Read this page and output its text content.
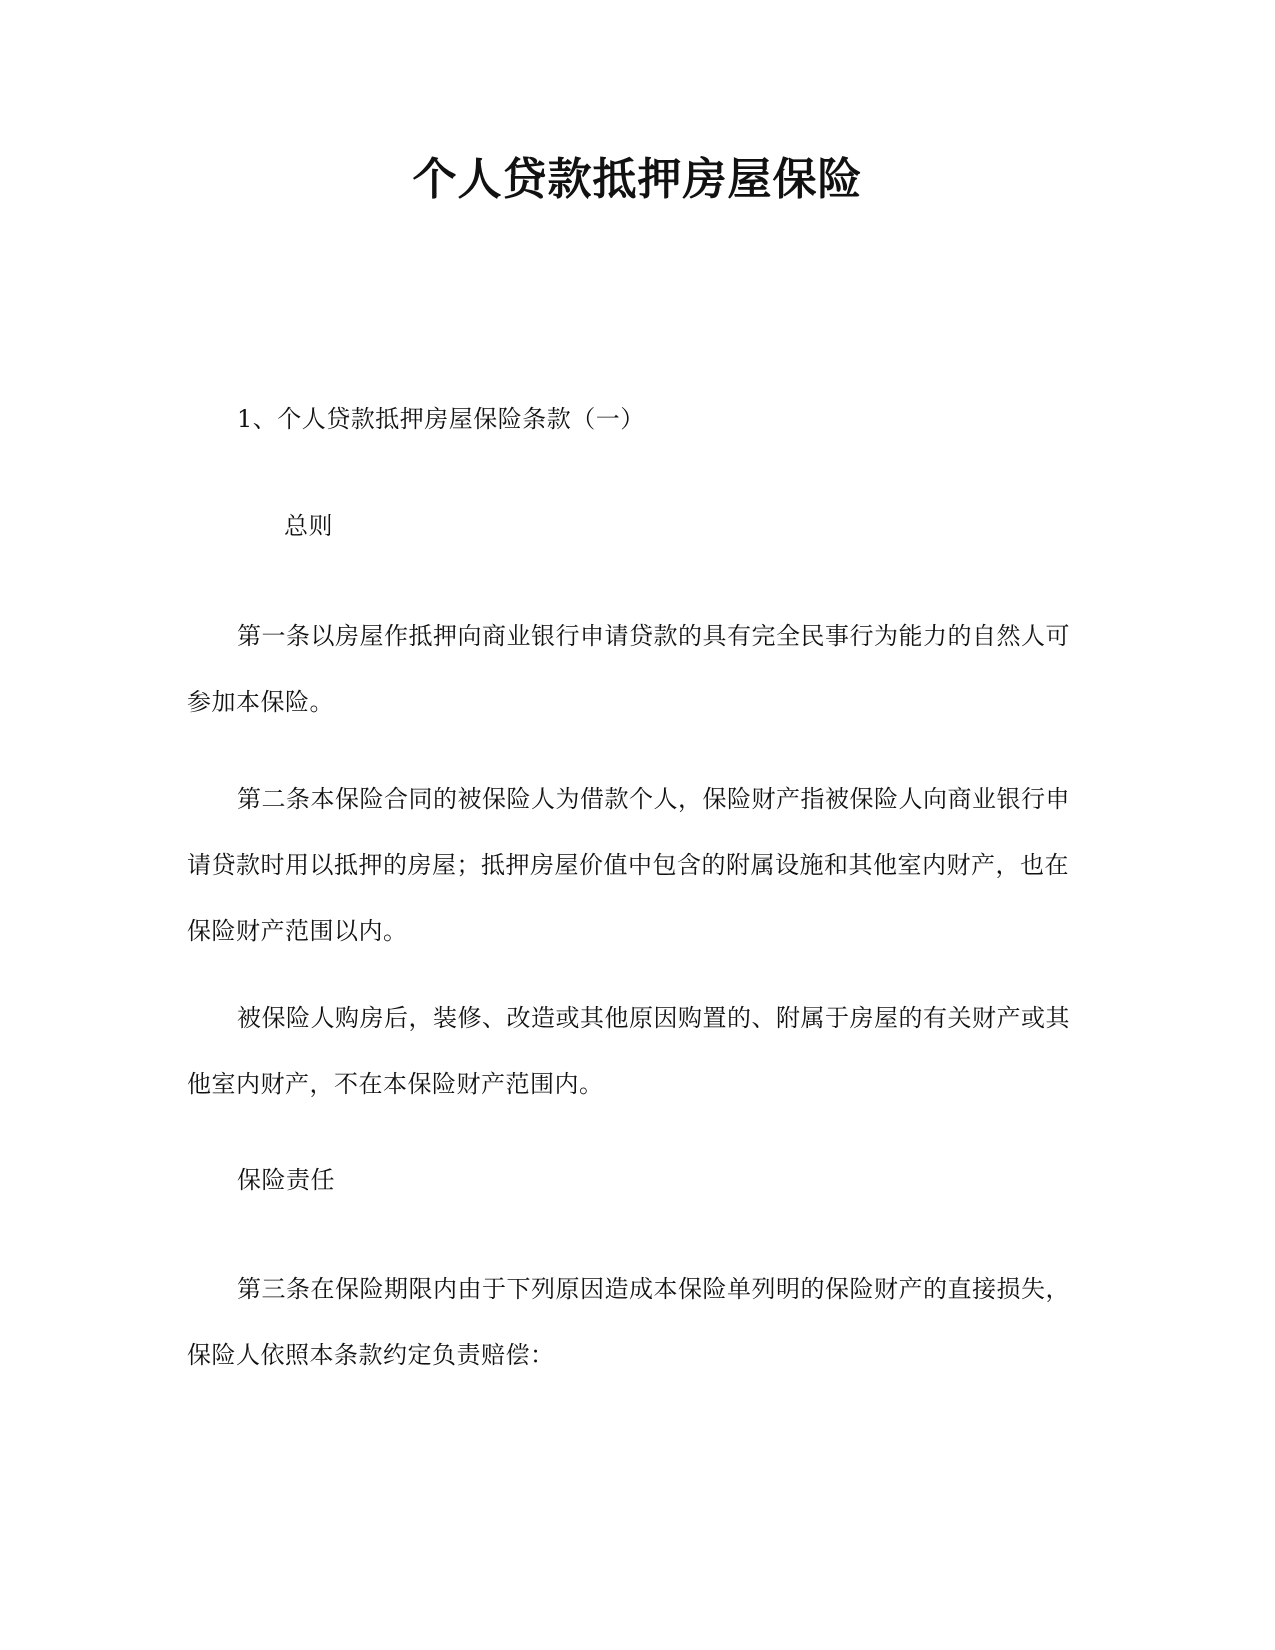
个人贷款抵押房屋保险

1、个人贷款抵押房屋保险条款（一）

总则

第一条以房屋作抵押向商业银行申请贷款的具有完全民事行为能力的自然人可参加本保险。

第二条本保险合同的被保险人为借款个人，保险财产指被保险人向商业银行申请贷款时用以抵押的房屋；抵押房屋价值中包含的附属设施和其他室内财产，也在保险财产范围以内。

被保险人购房后，装修、改造或其他原因购置的、附属于房屋的有关财产或其他室内财产，不在本保险财产范围内。

保险责任

第三条在保险期限内由于下列原因造成本保险单列明的保险财产的直接损失，保险人依照本条款约定负责赔偿：
